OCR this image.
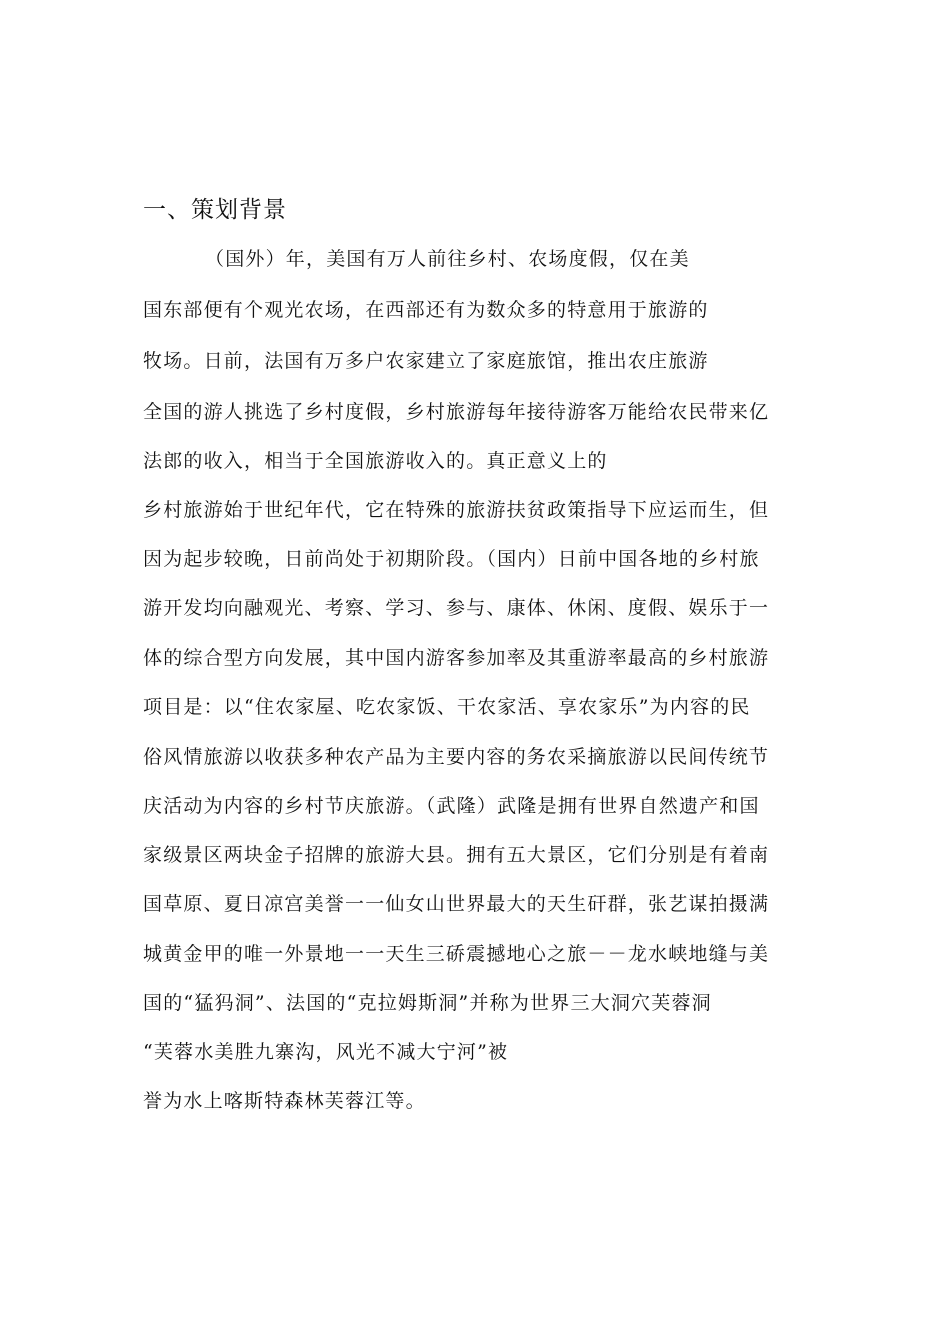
一、策划背景
（国外）年，美国有万人前往乡村、农场度假，仅在美
国东部便有个观光农场，在西部还有为数众多的特意用于旅游的
牧场。日前，法国有万多户农家建立了家庭旅馆，推出农庄旅游
全国的游人挑选了乡村度假，乡村旅游每年接待游客万能给农民带来亿
法郎的收入，相当于全国旅游收入的。真正意义上的
乡村旅游始于世纪年代，它在特殊的旅游扶贫政策指导下应运而生，但
因为起步较晚，日前尚处于初期阶段。（国内）日前中国各地的乡村旅
游开发均向融观光、考察、学习、参与、康体、休闲、度假、娱乐于一
体的综合型方向发展，其中国内游客参加率及其重游率最高的乡村旅游
项目是：以“住农家屋、吃农家饭、干农家活、享农家乐”为内容的民
俗风情旅游以收获多种农产品为主要内容的务农采摘旅游以民间传统节
庆活动为内容的乡村节庆旅游。（武隆）武隆是拥有世界自然遗产和国
家级景区两块金子招牌的旅游大县。拥有五大景区，它们分别是有着南
国草原、夏日凉宫美誉一一仙女山世界最大的天生矸群，张艺谋拍摄满
城黄金甲的唯一外景地一一天生三硚震撼地心之旅－－龙水峡地缝与美
国的“猛犸洞”、法国的“克拉姆斯洞”并称为世界三大洞穴芙蓉洞
“芙蓉水美胜九寨沟，风光不减大宁河”被
誉为水上喀斯特森林芙蓉江等。
